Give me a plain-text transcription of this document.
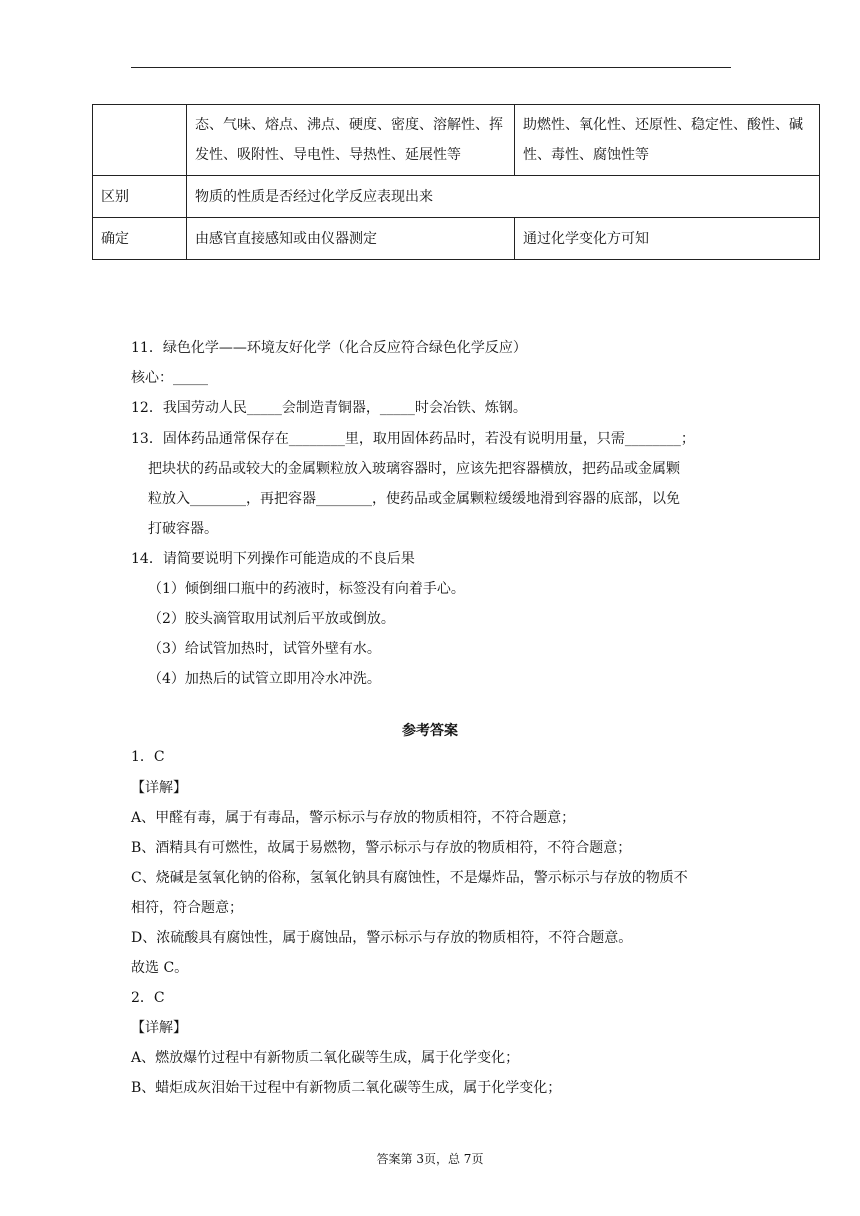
	态、气味、熔点、沸点、硬度、密度、溶解性、挥发性、吸附性、导电性、导热性、延展性等	助燃性、氧化性、还原性、稳定性、酸性、碱性、毒性、腐蚀性等
区别	物质的性质是否经过化学反应表现出来	
确定	由感官直接感知或由仪器测定	通过化学变化方可知
11．绿色化学——环境友好化学（化合反应符合绿色化学反应）
核心：_____
12．我国劳动人民_____会制造青铜器，_____时会冶铁、炼钢。
13．固体药品通常保存在________里，取用固体药品时，若没有说明用量，只需________；
把块状的药品或较大的金属颗粒放入玻璃容器时，应该先把容器横放，把药品或金属颗
粒放入________，再把容器________，使药品或金属颗粒缓缓地滑到容器的底部，以免
打破容器。
14．请简要说明下列操作可能造成的不良后果
（1）倾倒细口瓶中的药液时，标签没有向着手心。
（2）胶头滴管取用试剂后平放或倒放。
（3）给试管加热时，试管外壁有水。
（4）加热后的试管立即用冷水冲洗。
参考答案
1．C
【详解】
A、甲醛有毒，属于有毒品，警示标示与存放的物质相符，不符合题意；
B、酒精具有可燃性，故属于易燃物，警示标示与存放的物质相符，不符合题意；
C、烧碱是氢氧化钠的俗称，氢氧化钠具有腐蚀性，不是爆炸品，警示标示与存放的物质不
相符，符合题意；
D、浓硫酸具有腐蚀性，属于腐蚀品，警示标示与存放的物质相符，不符合题意。
故选 C。
2．C
【详解】
A、燃放爆竹过程中有新物质二氧化碳等生成，属于化学变化；
B、蜡炬成灰泪始干过程中有新物质二氧化碳等生成，属于化学变化；
答案第 3页，总 7页
